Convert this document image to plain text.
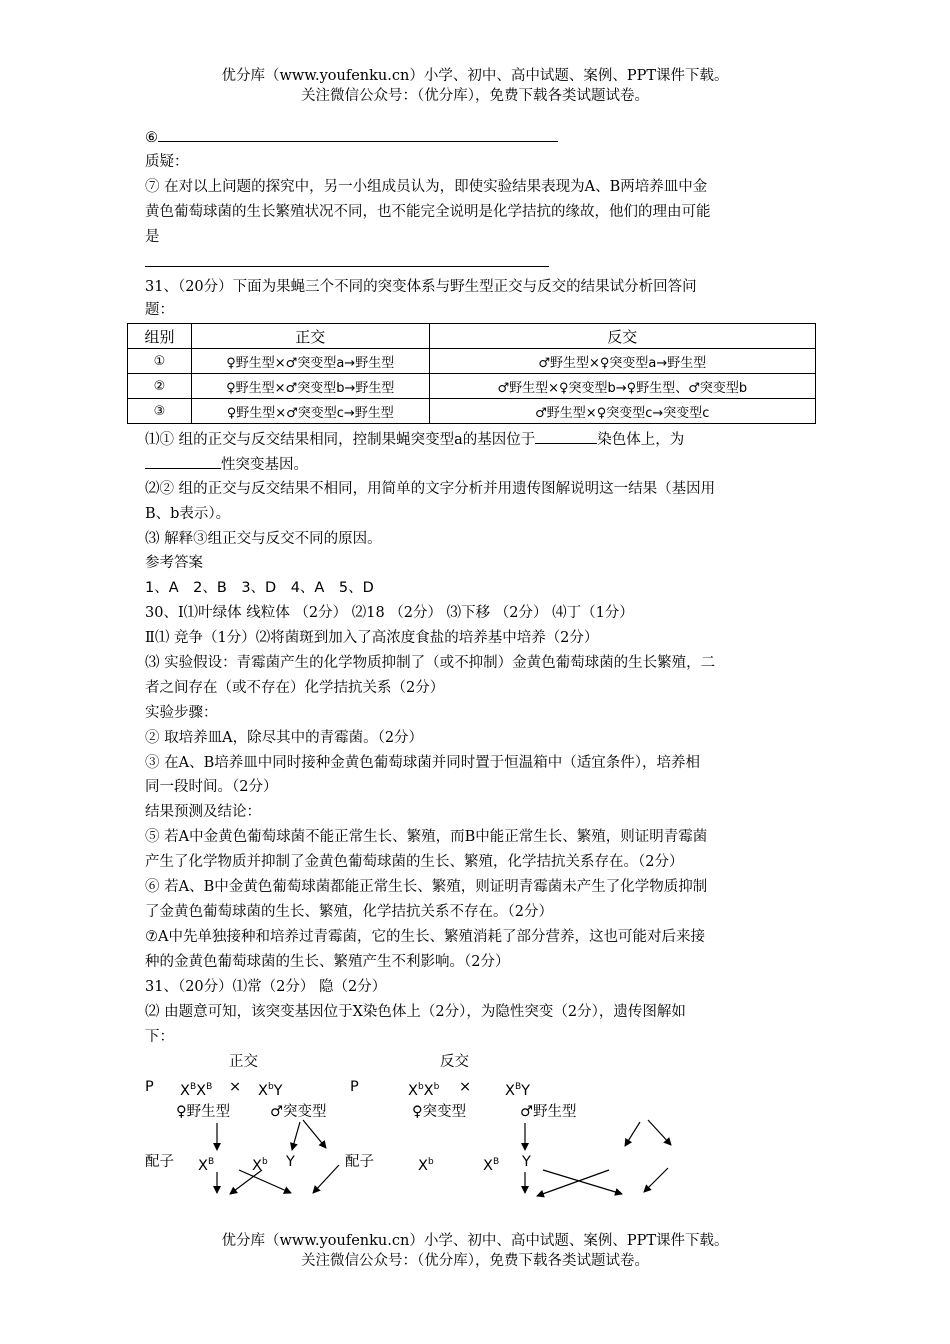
优分库（www.youfenku.cn）小学、初中、高中试题、案例、PPT课件下载。
关注微信公众号：（优分库），免费下载各类试题试卷。
⑥
质疑：
⑦ 在对以上问题的探究中，另一小组成员认为，即使实验结果表现为A、B两培养皿中金
黄色葡萄球菌的生长繁殖状况不同，也不能完全说明是化学拮抗的缘故，他们的理由可能
是
31、（20分）下面为果蝇三个不同的突变体系与野生型正交与反交的结果试分析回答问
题：
组别	正交	反交
①	♀野生型×♂突变型a→野生型	♂野生型×♀突变型a→野生型
②	♀野生型×♂突变型b→野生型	♂野生型×♀突变型b→♀野生型、♂突变型b
③	♀野生型×♂突变型c→野生型	♂野生型×♀突变型c→突变型c
⑴① 组的正交与反交结果相同，控制果蝇突变型a的基因位于	染色体上，为
性突变基因。
⑵② 组的正交与反交结果不相同，用简单的文字分析并用遗传图解说明这一结果（基因用
B、b表示）。
⑶ 解释③组正交与反交不同的原因。
参考答案
1、A　2、B　3、D　4、A　5、D
30、Ⅰ⑴叶绿体 线粒体 （2分） ⑵18 （2分） ⑶下移 （2分） ⑷丁（1分）
Ⅱ⑴ 竞争（1分）⑵将菌斑到加入了高浓度食盐的培养基中培养（2分）
⑶ 实验假设：青霉菌产生的化学物质抑制了（或不抑制）金黄色葡萄球菌的生长繁殖，二
者之间存在（或不存在）化学拮抗关系（2分）
实验步骤：
② 取培养皿A，除尽其中的青霉菌。（2分）
③ 在A、B培养皿中同时接种金黄色葡萄球菌并同时置于恒温箱中（适宜条件），培养相
同一段时间。（2分）
结果预测及结论：
⑤ 若A中金黄色葡萄球菌不能正常生长、繁殖，而B中能正常生长、繁殖，则证明青霉菌
产生了化学物质并抑制了金黄色葡萄球菌的生长、繁殖，化学拮抗关系存在。（2分）
⑥ 若A、B中金黄色葡萄球菌都能正常生长、繁殖，则证明青霉菌未产生了化学物质抑制
了金黄色葡萄球菌的生长、繁殖，化学拮抗关系不存在。（2分）
⑦A中先单独接种和培养过青霉菌，它的生长、繁殖消耗了部分营养，这也可能对后来接
种的金黄色葡萄球菌的生长、繁殖产生不利影响。（2分）
31、（20分）⑴常（2分） 隐（2分）
⑵ 由题意可知，该突变基因位于X染色体上（2分），为隐性突变（2分），遗传图解如
下：
正交	反交
P $X^BX^B \times X^bY$	P	$X^bX^b \times X^BY$
♀野生型	♂突变型	♀突变型	♂野生型
配子 $X^B$	$X^b$ Y	配子	$X^b$	$X^B$ Y
优分库（www.youfenku.cn）小学、初中、高中试题、案例、PPT课件下载。
关注微信公众号：（优分库），免费下载各类试题试卷。
